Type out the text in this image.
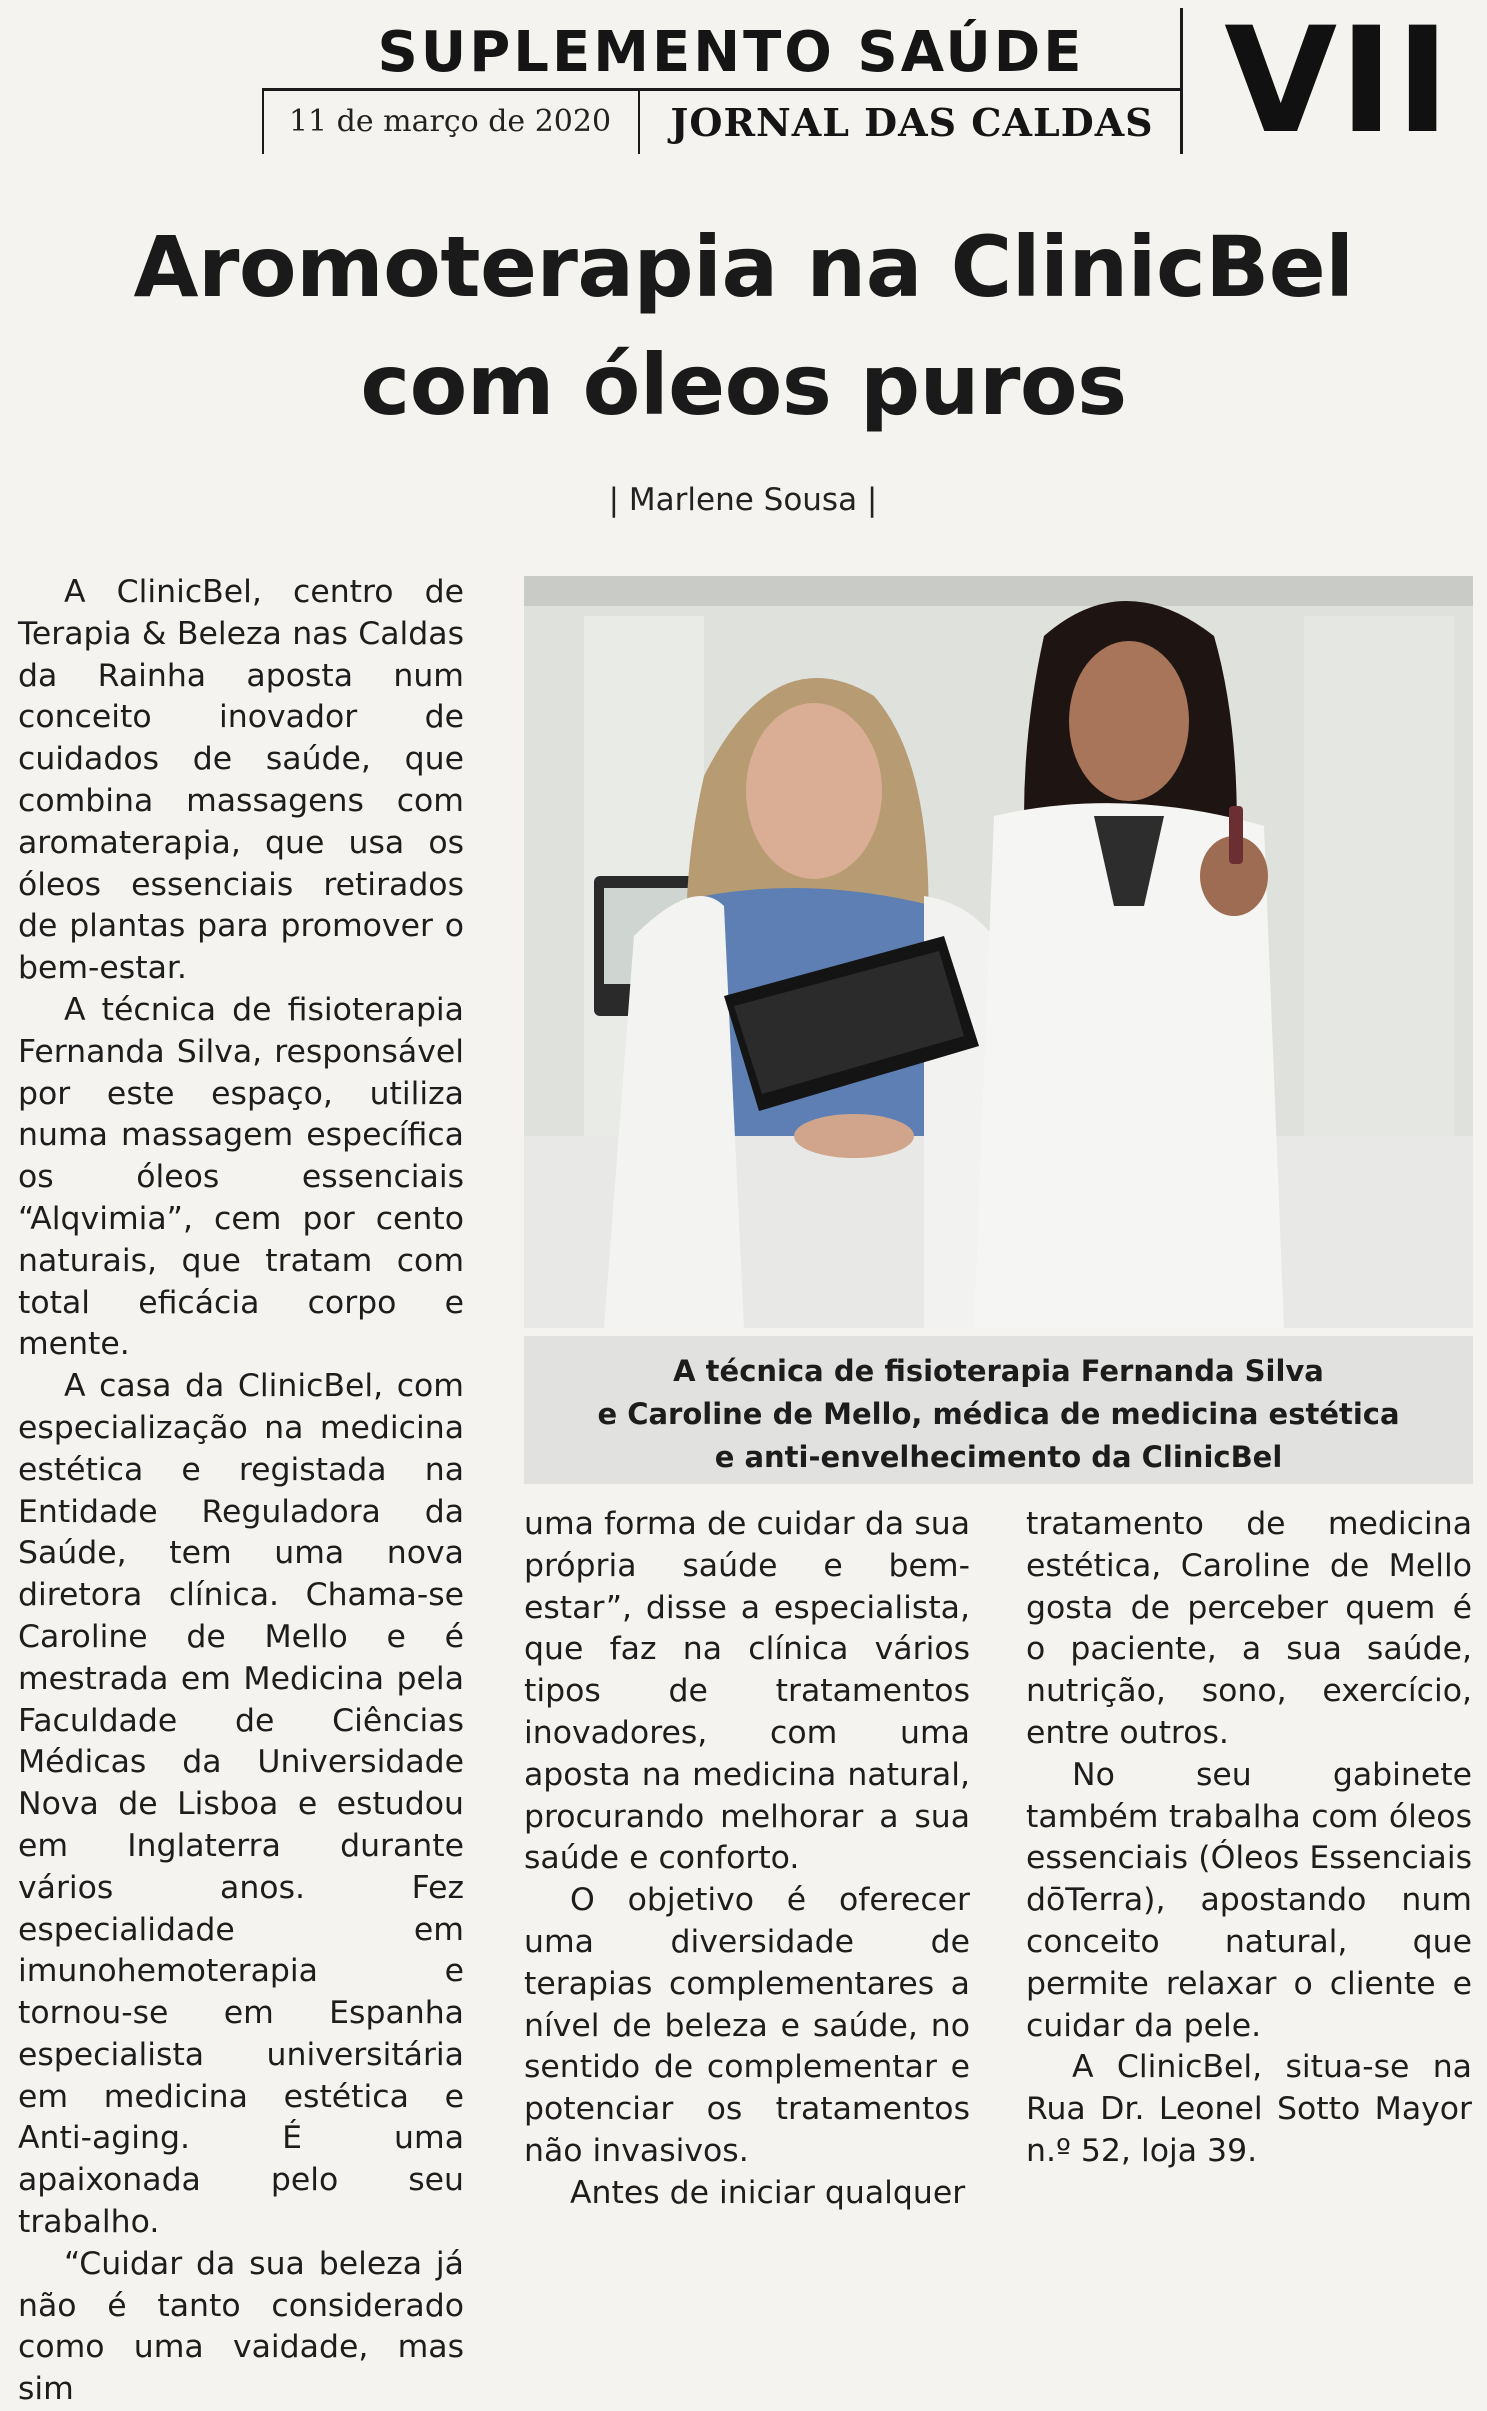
SUPLEMENTO SAÚDE
11 de março de 2020	JORNAL DAS CALDAS VII
Aromoterapia na ClinicBel
com óleos puros
| Marlene Sousa |

A ClinicBel, centro de Terapia & Beleza nas Caldas da Rainha aposta num conceito inovador de cuidados de saúde, que combina massagens com aromaterapia, que usa os óleos essenciais retirados de plantas para promover o bem-estar.

A técnica de fisioterapia Fernanda Silva, responsável por este espaço, utiliza numa massagem específica os óleos essenciais “Alqvimia”, cem por cento naturais, que tratam com total eficácia corpo e mente.

A casa da ClinicBel, com especialização na medicina estética e registada na Entidade Reguladora da Saúde, tem uma nova diretora clínica. Chama-se Caroline de Mello e é mestrada em Medicina pela Faculdade de Ciências Médicas da Universidade Nova de Lisboa e estudou em Inglaterra durante vários anos. Fez especialidade em imunohemoterapia e tornou-se em Espanha especialista universitária em medicina estética e Anti-aging. É uma apaixonada pelo seu trabalho.

“Cuidar da sua beleza já não é tanto considerado como uma vaidade, mas sim

A técnica de fisioterapia Fernanda Silva

e Caroline de Mello, médica de medicina estética

e anti-envelhecimento da ClinicBel

uma forma de cuidar da sua própria saúde e bem-estar”, disse a especialista, que faz na clínica vários tipos de tratamentos inovadores, com uma aposta na medicina natural, procurando melhorar a sua saúde e conforto.

O objetivo é oferecer uma diversidade de terapias complementares a nível de beleza e saúde, no sentido de complementar e potenciar os tratamentos não invasivos.

Antes de iniciar qualquer

tratamento de medicina estética, Caroline de Mello gosta de perceber quem é o paciente, a sua saúde, nutrição, sono, exercício, entre outros.

No seu gabinete também trabalha com óleos essenciais (Óleos Essenciais dōTerra), apostando num conceito natural, que permite relaxar o cliente e cuidar da pele.

A ClinicBel, situa-se na Rua Dr. Leonel Sotto Mayor n.º 52, loja 39.
